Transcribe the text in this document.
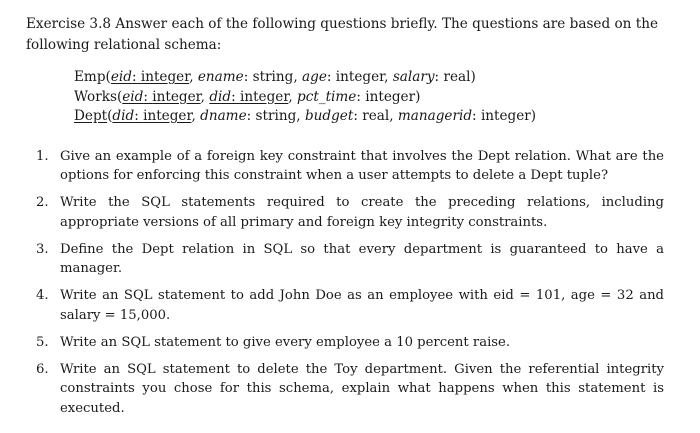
Exercise 3.8 Answer each of the following questions briefly. The questions are based on the following relational schema:

Emp(eid: integer, ename: string, age: integer, salary: real)
Works(eid: integer, did: integer, pct_time: integer)
Dept(did: integer, dname: string, budget: real, managerid: integer)
1. Give an example of a foreign key constraint that involves the Dept relation. What are the options for enforcing this constraint when a user attempts to delete a Dept tuple?
2. Write the SQL statements required to create the preceding relations, including appropriate versions of all primary and foreign key integrity constraints.
3. Define the Dept relation in SQL so that every department is guaranteed to have a manager.
4. Write an SQL statement to add John Doe as an employee with eid = 101, age = 32 and salary = 15,000.
5. Write an SQL statement to give every employee a 10 percent raise.
6. Write an SQL statement to delete the Toy department. Given the referential integrity constraints you chose for this schema, explain what happens when this statement is executed.
